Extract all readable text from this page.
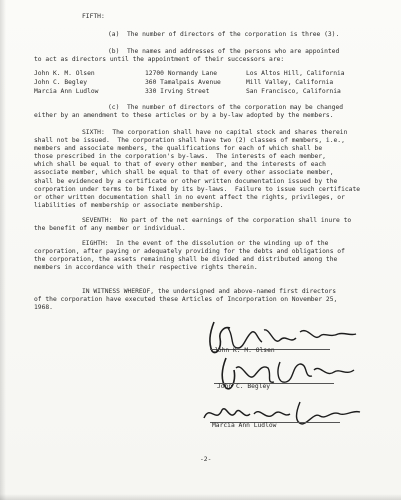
FIFTH:
(a)  The number of directors of the corporation is three (3).
(b)  The names and addresses of the persons who are appointed
to act as directors until the appointment of their successors are:
John K. M. Olsen	12700 Normandy Lane	Los Altos Hill, California
John C. Begley	360 Tamalpais Avenue	Mill Valley, California
Marcia Ann Ludlow	330 Irving Street	San Francisco, California
(c)  The number of directors of the corporation may be changed
either by an amendment to these articles or by a by-law adopted by the members.
SIXTH:  The corporation shall have no capital stock and shares therein
shall not be issued.  The corporation shall have two (2) classes of members, i.e.,
members and associate members, the qualifications for each of which shall be
those prescribed in the corporation's by-laws.  The interests of each member,
which shall be equal to that of every other member, and the interests of each
associate member, which shall be equal to that of every other associate member,
shall be evidenced by a certificate or other written documentation issued by the
corporation under terms to be fixed by its by-laws.  Failure to issue such certificate
or other written documentation shall in no event affect the rights, privileges, or
liabilities of membership or associate membership.
SEVENTH:  No part of the net earnings of the corporation shall inure to
the benefit of any member or individual.
EIGHTH:  In the event of the dissolution or the winding up of the
corporation, after paying or adequately providing for the debts and obligations of
the corporation, the assets remaining shall be divided and distributed among the
members in accordance with their respective rights therein.
IN WITNESS WHEREOF, the undersigned and above-named first directors
of the corporation have executed these Articles of Incorporation on November 25,
1968.
John K. M. Olsen
John C. Begley
Marcia Ann Ludlow
-2-
